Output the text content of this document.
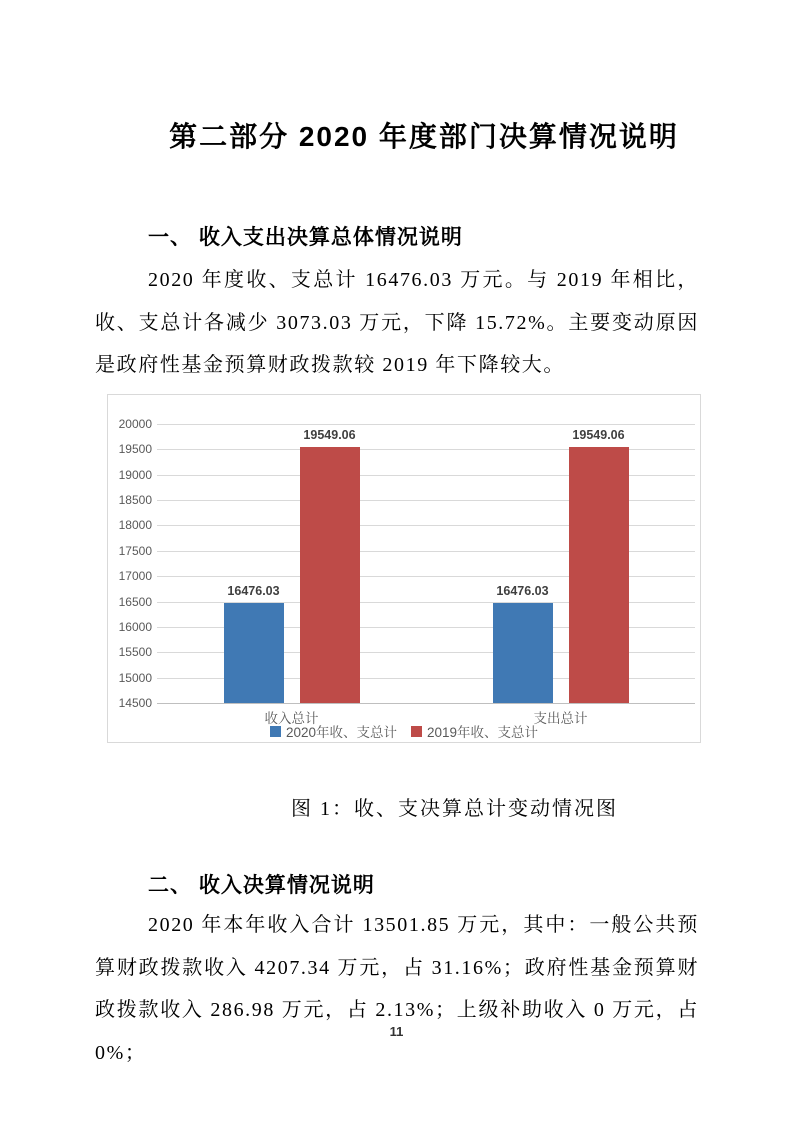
第二部分 2020 年度部门决算情况说明
一、 收入支出决算总体情况说明

2020 年度收、支总计 16476.03 万元。与 2019 年相比，收、支总计各减少 3073.03 万元，下降 15.72%。主要变动原因是政府性基金预算财政拨款较 2019 年下降较大。

14500
15000
15500
16000
16500
17000
17500
18000
18500
19000
19500
20000
收入总计
16476.03
19549.06
支出总计
16476.03
19549.06
2020年收、支总计 2019年收、支总计

图 1：收、支决算总计变动情况图

二、 收入决算情况说明

2020 年本年收入合计 13501.85 万元，其中：一般公共预算财政拨款收入 4207.34 万元，占 31.16%；政府性基金预算财政拨款收入 286.98 万元，占 2.13%；上级补助收入 0 万元，占 0%；

11
